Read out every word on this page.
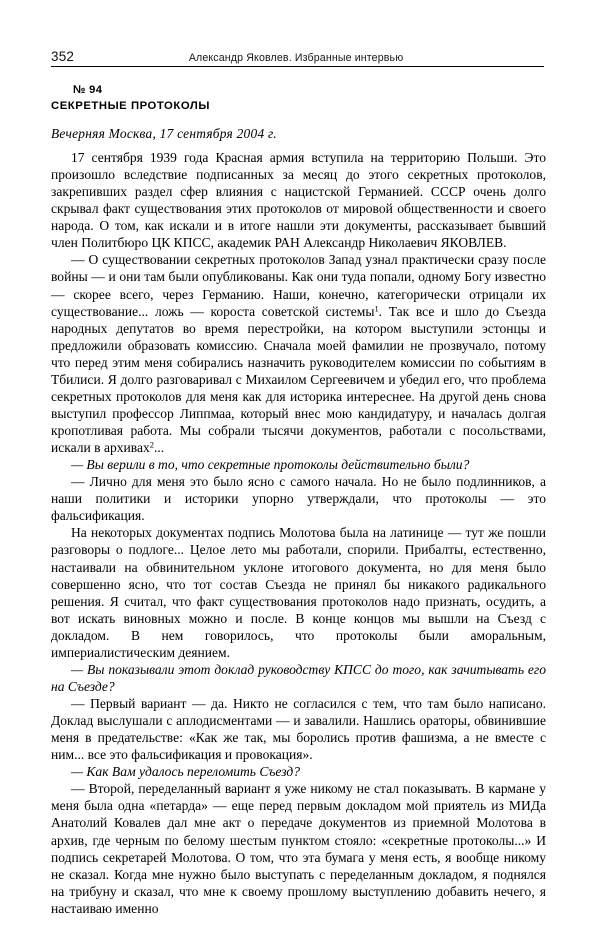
352	Александр Яковлев. Избранные интервью
№ 94
СЕКРЕТНЫЕ ПРОТОКОЛЫ
Вечерняя Москва, 17 сентября 2004 г.

17 сентября 1939 года Красная армия вступила на территорию Польши. Это произошло вследствие подписанных за месяц до этого секретных протоколов, закрепивших раздел сфер влияния с нацистской Германией. СССР очень долго скрывал факт существования этих протоколов от мировой общественности и своего народа. О том, как искали и в итоге нашли эти документы, рассказывает бывший член Политбюро ЦК КПСС, академик РАН Александр Николаевич ЯКОВЛЕВ.

— О существовании секретных протоколов Запад узнал практически сразу после войны — и они там были опубликованы. Как они туда попали, одному Богу известно — скорее всего, через Германию. Наши, конечно, категорически отрицали их существование... ложь — короста советской системы$^1$. Так все и шло до Съезда народных депутатов во время перестройки, на котором выступили эстонцы и предложили образовать комиссию. Сначала моей фамилии не прозвучало, потому что перед этим меня собирались назначить руководителем комиссии по событиям в Тбилиси. Я долго разговаривал с Михаилом Сергеевичем и убедил его, что проблема секретных протоколов для меня как для историка интереснее. На другой день снова выступил профессор Липпмаа, который внес мою кандидатуру, и началась долгая кропотливая работа. Мы собрали тысячи документов, работали с посольствами, искали в архивах$^2$...

— Вы верили в то, что секретные протоколы действительно были?

— Лично для меня это было ясно с самого начала. Но не было подлинников, а наши политики и историки упорно утверждали, что протоколы — это фальсификация.

На некоторых документах подпись Молотова была на латинице — тут же пошли разговоры о подлоге... Целое лето мы работали, спорили. Прибалты, естественно, настаивали на обвинительном уклоне итогового документа, но для меня было совершенно ясно, что тот состав Съезда не принял бы никакого радикального решения. Я считал, что факт существования протоколов надо признать, осудить, а вот искать виновных можно и после. В конце концов мы вышли на Съезд с докладом. В нем говорилось, что протоколы были аморальным, империалистическим деянием.

— Вы показывали этот доклад руководству КПСС до того, как зачитывать его на Съезде?

— Первый вариант — да. Никто не согласился с тем, что там было написано. Доклад выслушали с аплодисментами — и завалили. Нашлись ораторы, обвинившие меня в предательстве: «Как же так, мы боролись против фашизма, а не вместе с ним... все это фальсификация и провокация».

— Как Вам удалось переломить Съезд?

— Второй, переделанный вариант я уже никому не стал показывать. В кармане у меня была одна «петарда» — еще перед первым докладом мой приятель из МИДа Анатолий Ковалев дал мне акт о передаче документов из приемной Молотова в архив, где черным по белому шестым пунктом стояло: «секретные протоколы...» И подпись секретарей Молотова. О том, что эта бумага у меня есть, я вообще никому не сказал. Когда мне нужно было выступать с переделанным докладом, я поднялся на трибуну и сказал, что мне к своему прошлому выступлению добавить нечего, я настаиваю именно
